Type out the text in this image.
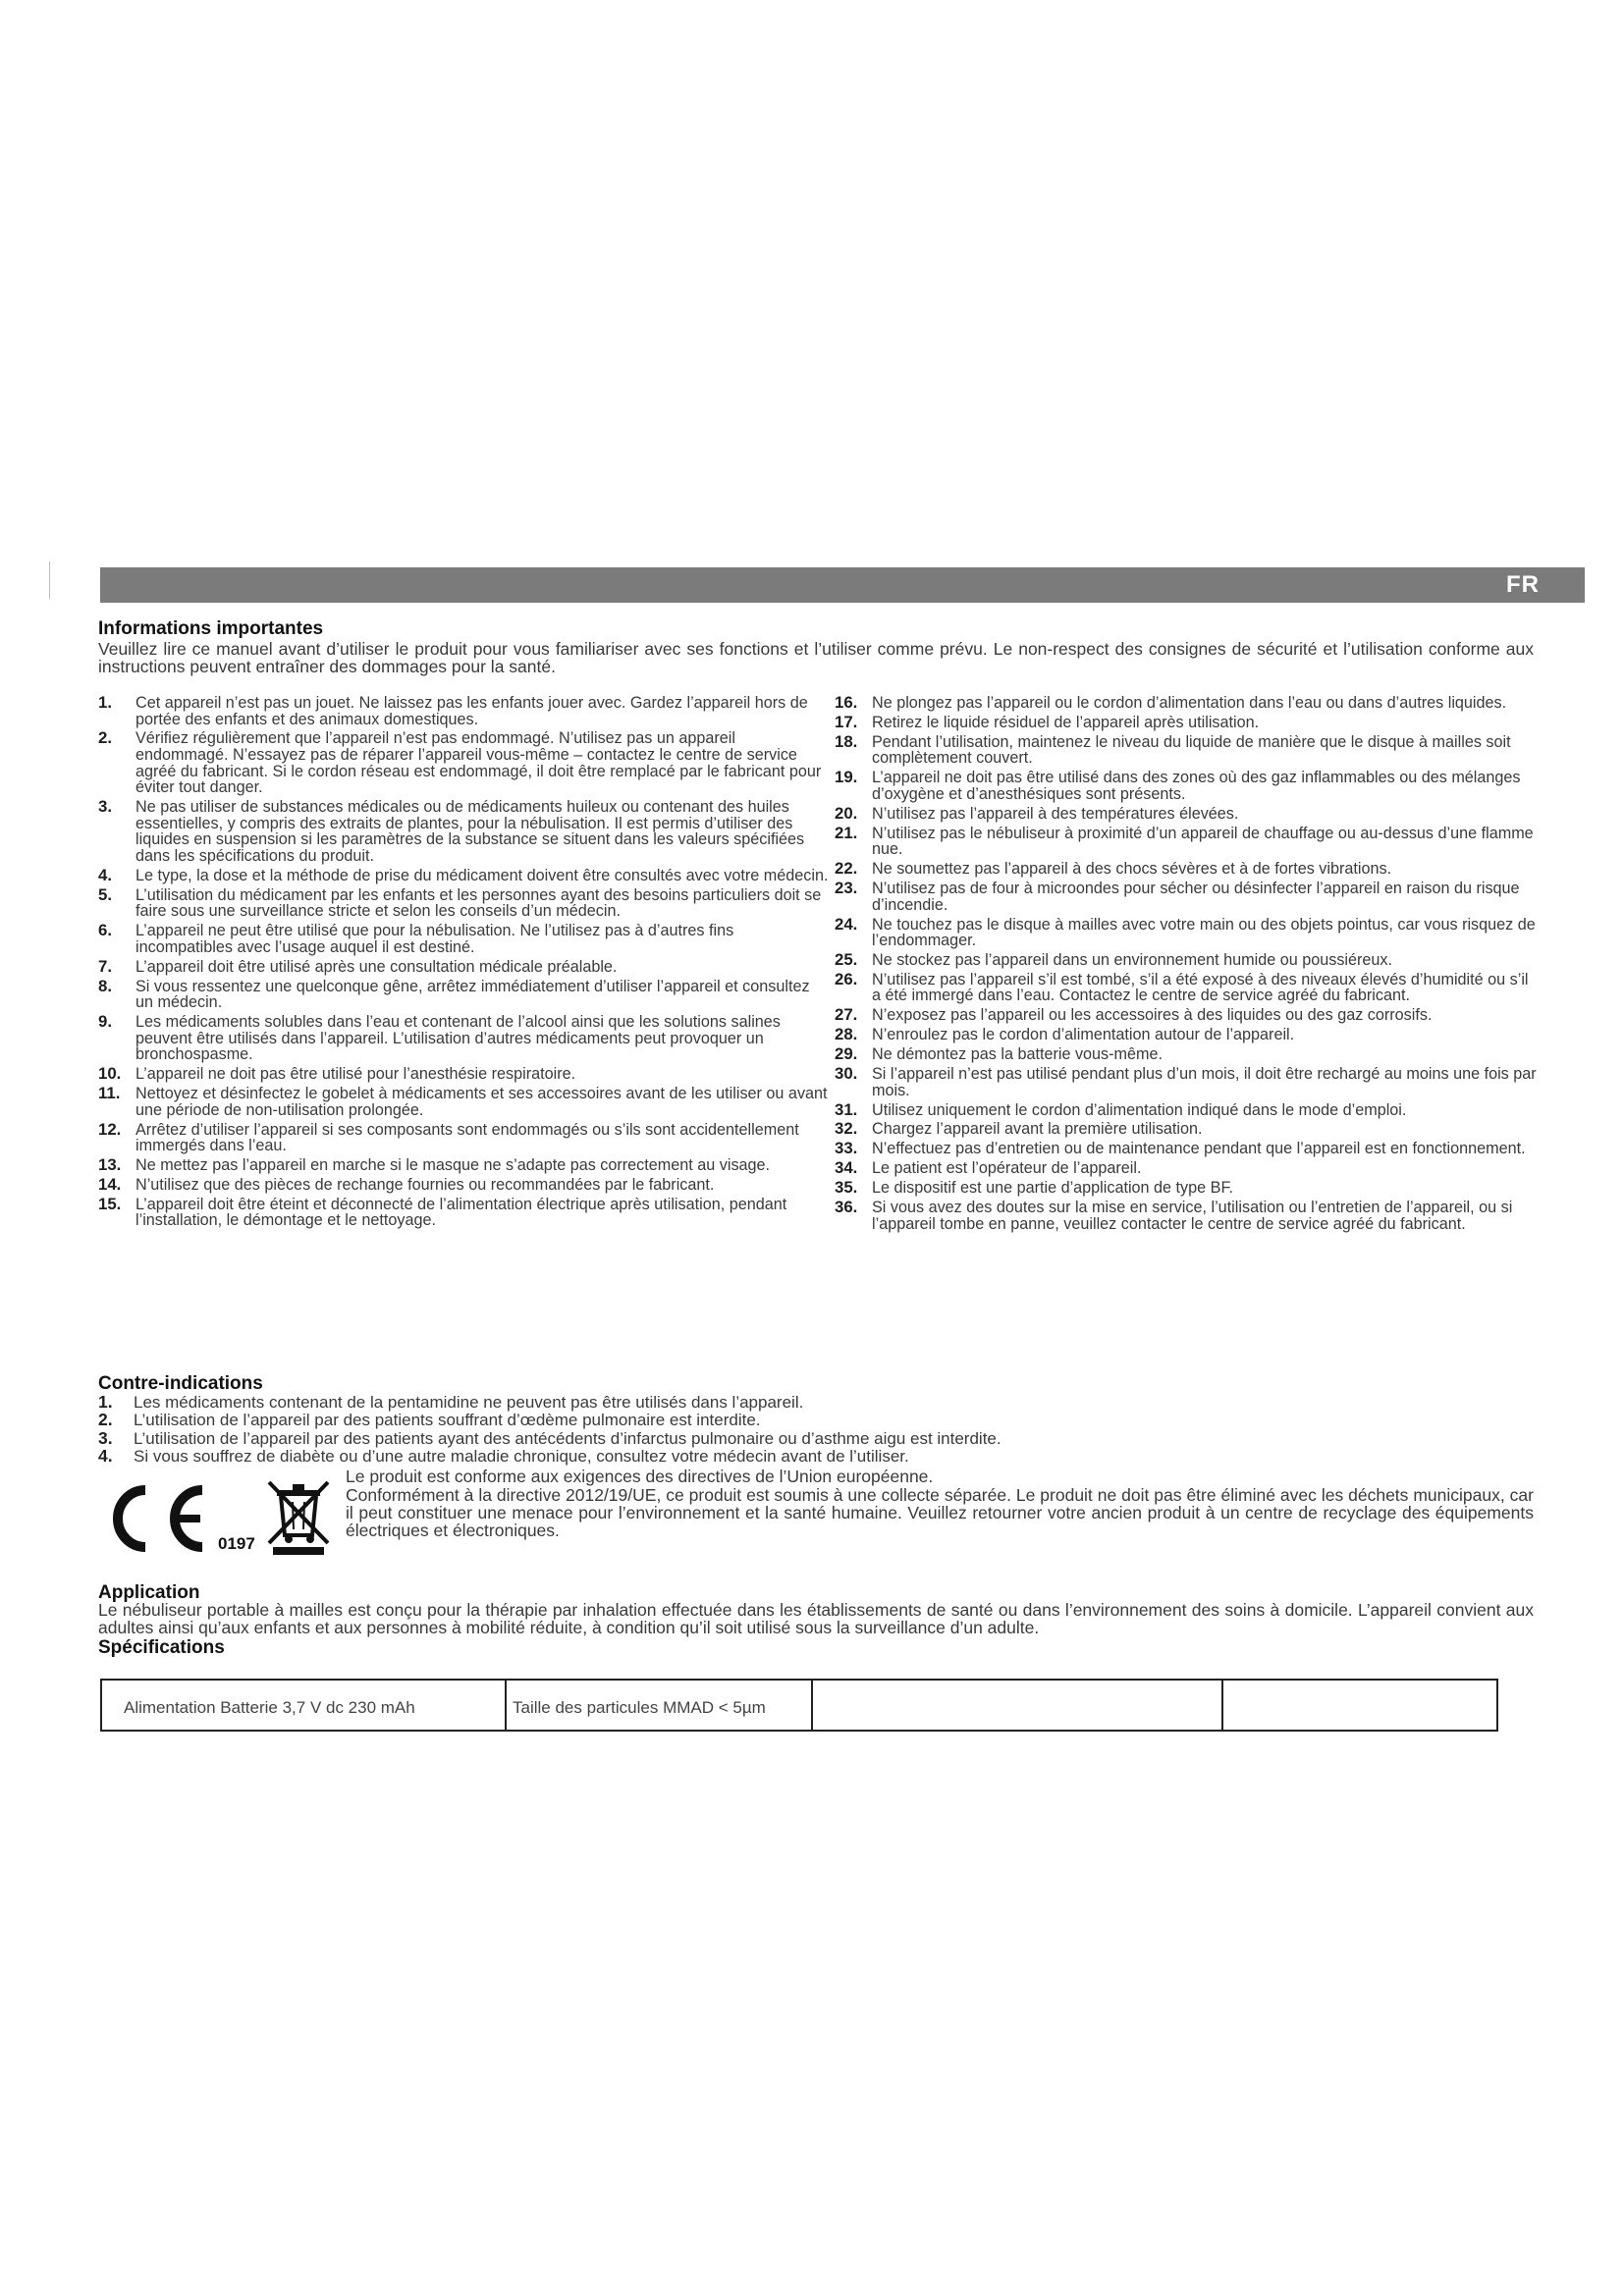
FR
Informations importantes
Veuillez lire ce manuel avant d’utiliser le produit pour vous familiariser avec ses fonctions et l’utiliser comme prévu. Le non-respect des consignes de sécurité et l’utilisation conforme aux instructions peuvent entraîner des dommages pour la santé.
1. Cet appareil n’est pas un jouet. Ne laissez pas les enfants jouer avec. Gardez l’appareil hors de portée des enfants et des animaux domestiques.
2. Vérifiez régulièrement que l’appareil n’est pas endommagé. N’utilisez pas un appareil endommagé. N’essayez pas de réparer l’appareil vous-même – contactez le centre de service agréé du fabricant. Si le cordon réseau est endommagé, il doit être remplacé par le fabricant pour éviter tout danger.
3. Ne pas utiliser de substances médicales ou de médicaments huileux ou contenant des huiles essentielles, y compris des extraits de plantes, pour la nébulisation. Il est permis d’utiliser des liquides en suspension si les paramètres de la substance se situent dans les valeurs spécifiées dans les spécifications du produit.
4. Le type, la dose et la méthode de prise du médicament doivent être consultés avec votre médecin.
5. L’utilisation du médicament par les enfants et les personnes ayant des besoins particuliers doit se faire sous une surveillance stricte et selon les conseils d’un médecin.
6. L’appareil ne peut être utilisé que pour la nébulisation. Ne l’utilisez pas à d’autres fins incompatibles avec l’usage auquel il est destiné.
7. L’appareil doit être utilisé après une consultation médicale préalable.
8. Si vous ressentez une quelconque gêne, arrêtez immédiatement d’utiliser l’appareil et consultez un médecin.
9. Les médicaments solubles dans l’eau et contenant de l’alcool ainsi que les solutions salines peuvent être utilisés dans l’appareil. L’utilisation d’autres médicaments peut provoquer un bronchospasme.
10. L’appareil ne doit pas être utilisé pour l’anesthésie respiratoire.
11. Nettoyez et désinfectez le gobelet à médicaments et ses accessoires avant de les utiliser ou avant une période de non-utilisation prolongée.
12. Arrêtez d’utiliser l’appareil si ses composants sont endommagés ou s’ils sont accidentellement immergés dans l’eau.
13. Ne mettez pas l’appareil en marche si le masque ne s’adapte pas correctement au visage.
14. N’utilisez que des pièces de rechange fournies ou recommandées par le fabricant.
15. L’appareil doit être éteint et déconnecté de l’alimentation électrique après utilisation, pendant l’installation, le démontage et le nettoyage.
16. Ne plongez pas l’appareil ou le cordon d’alimentation dans l’eau ou dans d’autres liquides.
17. Retirez le liquide résiduel de l’appareil après utilisation.
18. Pendant l’utilisation, maintenez le niveau du liquide de manière que le disque à mailles soit complètement couvert.
19. L’appareil ne doit pas être utilisé dans des zones où des gaz inflammables ou des mélanges d’oxygène et d’anesthésiques sont présents.
20. N’utilisez pas l’appareil à des températures élevées.
21. N’utilisez pas le nébuliseur à proximité d’un appareil de chauffage ou au-dessus d’une flamme nue.
22. Ne soumettez pas l’appareil à des chocs sévères et à de fortes vibrations.
23. N’utilisez pas de four à microondes pour sécher ou désinfecter l’appareil en raison du risque d’incendie.
24. Ne touchez pas le disque à mailles avec votre main ou des objets pointus, car vous risquez de l’endommager.
25. Ne stockez pas l’appareil dans un environnement humide ou poussiéreux.
26. N’utilisez pas l’appareil s’il est tombé, s’il a été exposé à des niveaux élevés d’humidité ou s’il a été immergé dans l’eau. Contactez le centre de service agréé du fabricant.
27. N’exposez pas l’appareil ou les accessoires à des liquides ou des gaz corrosifs.
28. N’enroulez pas le cordon d’alimentation autour de l’appareil.
29. Ne démontez pas la batterie vous-même.
30. Si l’appareil n’est pas utilisé pendant plus d’un mois, il doit être rechargé au moins une fois par mois.
31. Utilisez uniquement le cordon d’alimentation indiqué dans le mode d’emploi.
32. Chargez l’appareil avant la première utilisation.
33. N’effectuez pas d’entretien ou de maintenance pendant que l’appareil est en fonctionnement.
34. Le patient est l’opérateur de l’appareil.
35. Le dispositif est une partie d’application de type BF.
36. Si vous avez des doutes sur la mise en service, l’utilisation ou l’entretien de l’appareil, ou si l’appareil tombe en panne, veuillez contacter le centre de service agréé du fabricant.
Contre-indications
1. Les médicaments contenant de la pentamidine ne peuvent pas être utilisés dans l’appareil.
2. L’utilisation de l’appareil par des patients souffrant d’œdème pulmonaire est interdite.
3. L’utilisation de l’appareil par des patients ayant des antécédents d’infarctus pulmonaire ou d’asthme aigu est interdite.
4. Si vous souffrez de diabète ou d’une autre maladie chronique, consultez votre médecin avant de l’utiliser.
0197
Le produit est conforme aux exigences des directives de l’Union européenne.
Conformément à la directive 2012/19/UE, ce produit est soumis à une collecte séparée. Le produit ne doit pas être éliminé avec les déchets municipaux, car il peut constituer une menace pour l’environnement et la santé humaine. Veuillez retourner votre ancien produit à un centre de recyclage des équipements électriques et électroniques.
Application
Le nébuliseur portable à mailles est conçu pour la thérapie par inhalation effectuée dans les établissements de santé ou dans l’environnement des soins à domicile. L’appareil convient aux adultes ainsi qu’aux enfants et aux personnes à mobilité réduite, à condition qu’il soit utilisé sous la surveillance d’un adulte.
Spécifications
Alimentation Batterie 3,7 V dc 230 mAh	Taille des particules MMAD < 5µm
